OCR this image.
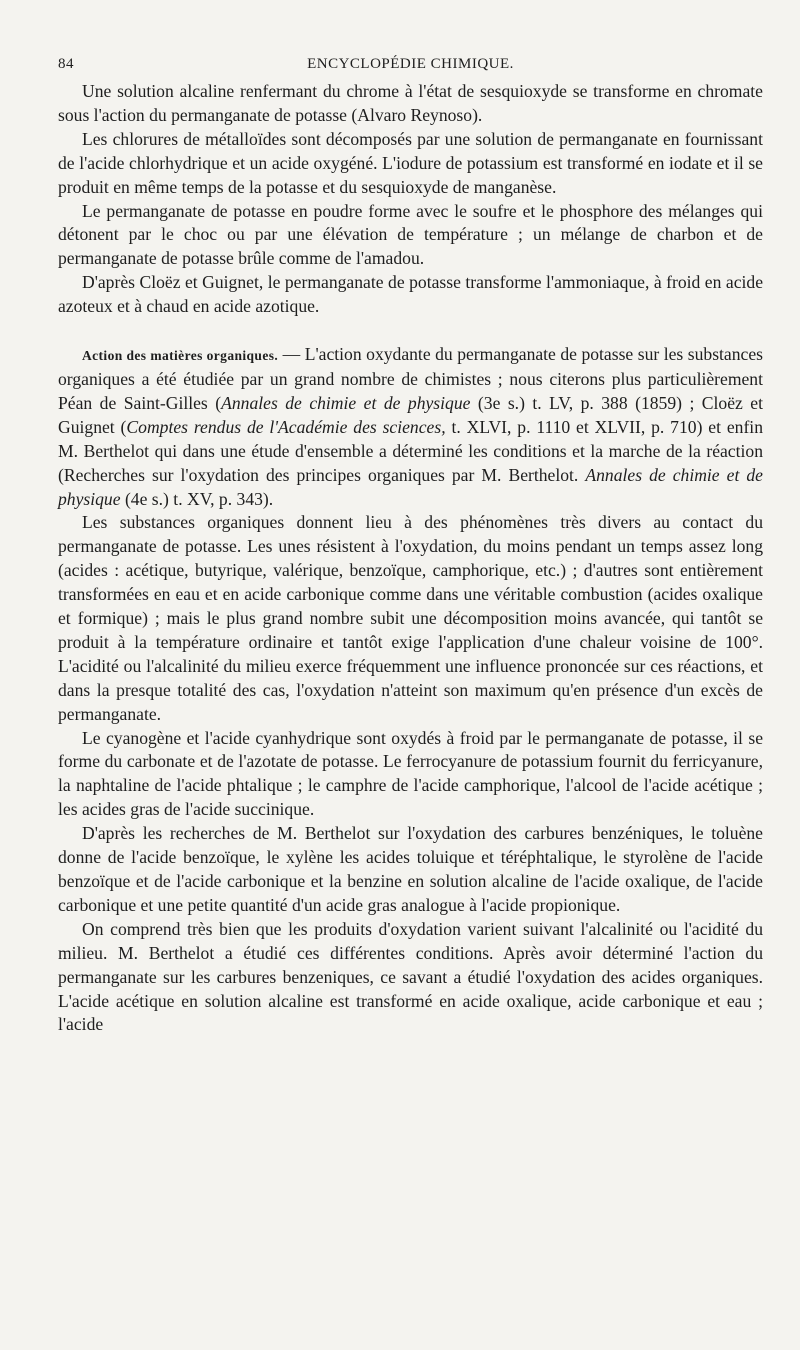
84	ENCYCLOPÉDIE CHIMIQUE.

Une solution alcaline renfermant du chrome à l'état de sesquioxyde se transforme en chromate sous l'action du permanganate de potasse (Alvaro Reynoso).

Les chlorures de métalloïdes sont décomposés par une solution de permanganate en fournissant de l'acide chlorhydrique et un acide oxygéné. L'iodure de potassium est transformé en iodate et il se produit en même temps de la potasse et du sesquioxyde de manganèse.

Le permanganate de potasse en poudre forme avec le soufre et le phosphore des mélanges qui détonent par le choc ou par une élévation de température ; un mélange de charbon et de permanganate de potasse brûle comme de l'amadou.

D'après Cloëz et Guignet, le permanganate de potasse transforme l'ammoniaque, à froid en acide azoteux et à chaud en acide azotique.

Action des matières organiques. — L'action oxydante du permanganate de potasse sur les substances organiques a été étudiée par un grand nombre de chimistes ; nous citerons plus particulièrement Péan de Saint-Gilles (Annales de chimie et de physique (3e s.) t. LV, p. 388 (1859) ; Cloëz et Guignet (Comptes rendus de l'Académie des sciences, t. XLVI, p. 1110 et XLVII, p. 710) et enfin M. Berthelot qui dans une étude d'ensemble a déterminé les conditions et la marche de la réaction (Recherches sur l'oxydation des principes organiques par M. Berthelot. Annales de chimie et de physique (4e s.) t. XV, p. 343).

Les substances organiques donnent lieu à des phénomènes très divers au contact du permanganate de potasse. Les unes résistent à l'oxydation, du moins pendant un temps assez long (acides : acétique, butyrique, valérique, benzoïque, camphorique, etc.) ; d'autres sont entièrement transformées en eau et en acide carbonique comme dans une véritable combustion (acides oxalique et formique) ; mais le plus grand nombre subit une décomposition moins avancée, qui tantôt se produit à la température ordinaire et tantôt exige l'application d'une chaleur voisine de 100°. L'acidité ou l'alcalinité du milieu exerce fréquemment une influence prononcée sur ces réactions, et dans la presque totalité des cas, l'oxydation n'atteint son maximum qu'en présence d'un excès de permanganate.

Le cyanogène et l'acide cyanhydrique sont oxydés à froid par le permanganate de potasse, il se forme du carbonate et de l'azotate de potasse. Le ferrocyanure de potassium fournit du ferricyanure, la naphtaline de l'acide phtalique ; le camphre de l'acide camphorique, l'alcool de l'acide acétique ; les acides gras de l'acide succinique.

D'après les recherches de M. Berthelot sur l'oxydation des carbures benzéniques, le toluène donne de l'acide benzoïque, le xylène les acides toluique et téréphtalique, le styrolène de l'acide benzoïque et de l'acide carbonique et la benzine en solution alcaline de l'acide oxalique, de l'acide carbonique et une petite quantité d'un acide gras analogue à l'acide propionique.

On comprend très bien que les produits d'oxydation varient suivant l'alcalinité ou l'acidité du milieu. M. Berthelot a étudié ces différentes conditions. Après avoir déterminé l'action du permanganate sur les carbures benzeniques, ce savant a étudié l'oxydation des acides organiques. L'acide acétique en solution alcaline est transformé en acide oxalique, acide carbonique et eau ; l'acide
